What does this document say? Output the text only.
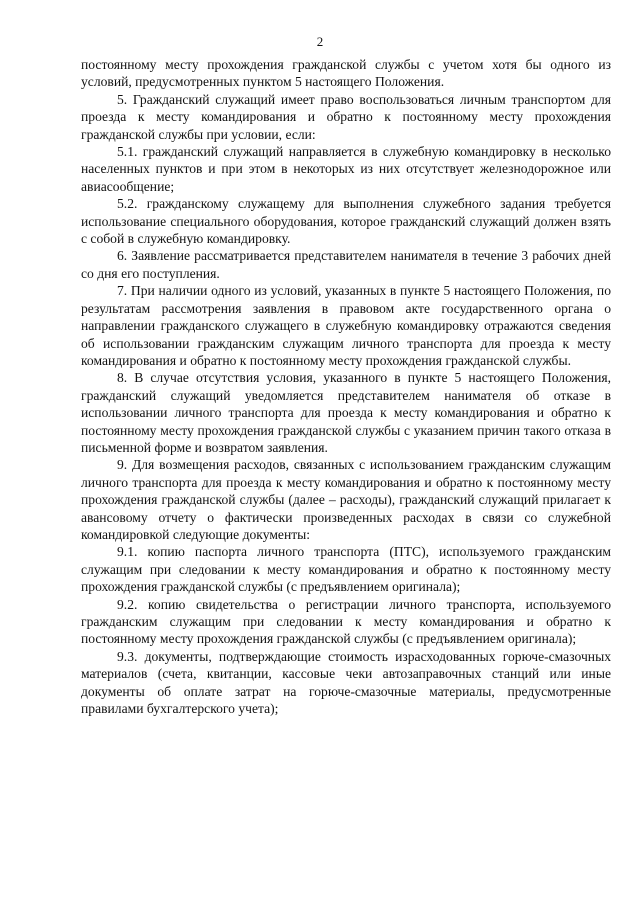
2

постоянному месту прохождения гражданской службы с учетом хотя бы одного из условий, предусмотренных пунктом 5 настоящего Положения.

5. Гражданский служащий имеет право воспользоваться личным транспортом для проезда к месту командирования и обратно к постоянному месту прохождения гражданской службы при условии, если:

5.1. гражданский служащий направляется в служебную командировку в несколько населенных пунктов и при этом в некоторых из них отсутствует железнодорожное или авиасообщение;

5.2. гражданскому служащему для выполнения служебного задания требуется использование специального оборудования, которое гражданский служащий должен взять с собой в служебную командировку.

6. Заявление рассматривается представителем нанимателя в течение 3 рабочих дней со дня его поступления.

7. При наличии одного из условий, указанных в пункте 5 настоящего Положения, по результатам рассмотрения заявления в правовом акте государственного органа о направлении гражданского служащего в служебную командировку отражаются сведения об использовании гражданским служащим личного транспорта для проезда к месту командирования и обратно к постоянному месту прохождения гражданской службы.

8. В случае отсутствия условия, указанного в пункте 5 настоящего Положения, гражданский служащий уведомляется представителем нанимателя об отказе в использовании личного транспорта для проезда к месту командирования и обратно к постоянному месту прохождения гражданской службы с указанием причин такого отказа в письменной форме и возвратом заявления.

9. Для возмещения расходов, связанных с использованием гражданским служащим личного транспорта для проезда к месту командирования и обратно к постоянному месту прохождения гражданской службы (далее – расходы), гражданский служащий прилагает к авансовому отчету о фактически произведенных расходах в связи со служебной командировкой следующие документы:

9.1. копию паспорта личного транспорта (ПТС), используемого гражданским служащим при следовании к месту командирования и обратно к постоянному месту прохождения гражданской службы (с предъявлением оригинала);

9.2. копию свидетельства о регистрации личного транспорта, используемого гражданским служащим при следовании к месту командирования и обратно к постоянному месту прохождения гражданской службы (с предъявлением оригинала);

9.3. документы, подтверждающие стоимость израсходованных горюче-смазочных материалов (счета, квитанции, кассовые чеки автозаправочных станций или иные документы об оплате затрат на горюче-смазочные материалы, предусмотренные правилами бухгалтерского учета);
